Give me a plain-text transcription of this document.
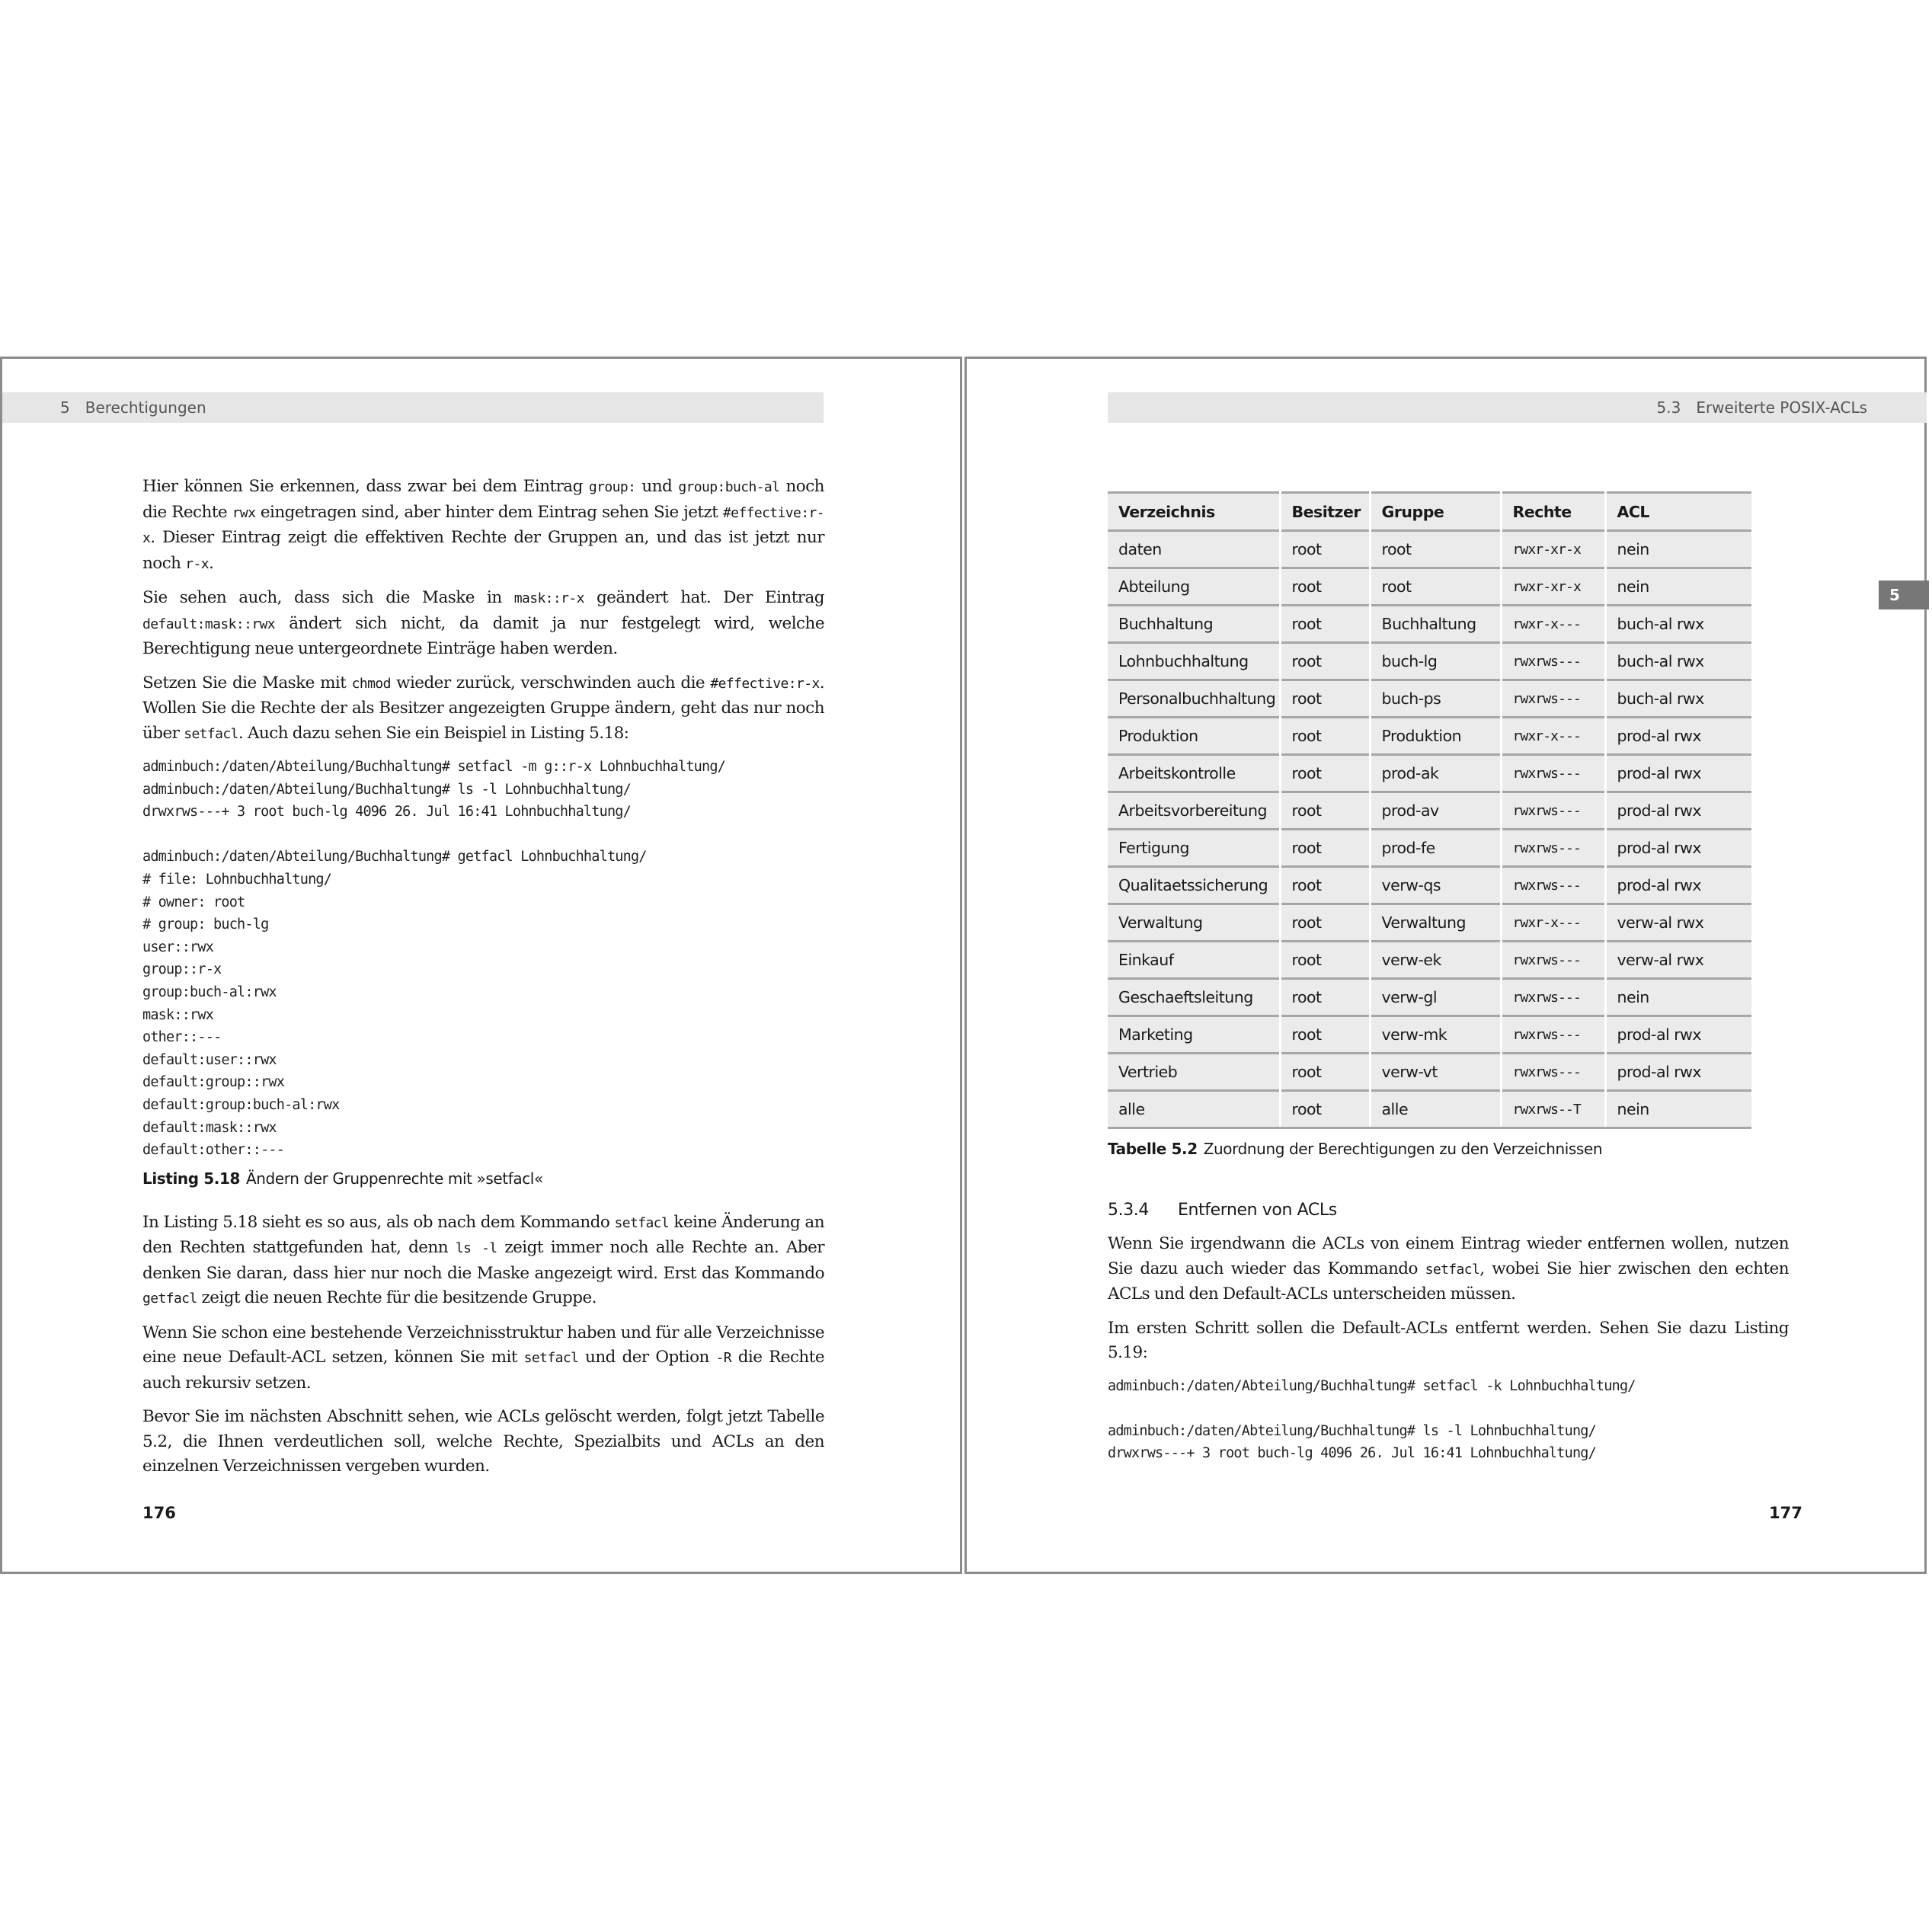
5 Berechtigungen

Hier können Sie erkennen, dass zwar bei dem Eintrag group: und group:buch-al noch die Rechte rwx eingetragen sind, aber hinter dem Eintrag sehen Sie jetzt #effective:r-x. Dieser Eintrag zeigt die effektiven Rechte der Gruppen an, und das ist jetzt nur noch r-x.

Sie sehen auch, dass sich die Maske in mask::r-x geändert hat. Der Eintrag default:mask::rwx ändert sich nicht, da damit ja nur festgelegt wird, welche Berechtigung neue untergeordnete Einträge haben werden.

Setzen Sie die Maske mit chmod wieder zurück, verschwinden auch die #effective:r-x. Wollen Sie die Rechte der als Besitzer angezeigten Gruppe ändern, geht das nur noch über setfacl. Auch dazu sehen Sie ein Beispiel in Listing 5.18:

adminbuch:/daten/Abteilung/Buchhaltung# setfacl -m g::r-x Lohnbuchhaltung/
adminbuch:/daten/Abteilung/Buchhaltung# ls -l Lohnbuchhaltung/
drwxrws---+ 3 root buch-lg 4096 26. Jul 16:41 Lohnbuchhaltung/

adminbuch:/daten/Abteilung/Buchhaltung# getfacl Lohnbuchhaltung/
# file: Lohnbuchhaltung/
# owner: root
# group: buch-lg
user::rwx
group::r-x
group:buch-al:rwx
mask::rwx
other::---
default:user::rwx
default:group::rwx
default:group:buch-al:rwx
default:mask::rwx
default:other::---
Listing 5.18 Ändern der Gruppenrechte mit »setfacl«

In Listing 5.18 sieht es so aus, als ob nach dem Kommando setfacl keine Änderung an den Rechten stattgefunden hat, denn ls -l zeigt immer noch alle Rechte an. Aber denken Sie daran, dass hier nur noch die Maske angezeigt wird. Erst das Kommando getfacl zeigt die neuen Rechte für die besitzende Gruppe.

Wenn Sie schon eine bestehende Verzeichnisstruktur haben und für alle Verzeichnisse eine neue Default-ACL setzen, können Sie mit setfacl und der Option -R die Rechte auch rekursiv setzen.

Bevor Sie im nächsten Abschnitt sehen, wie ACLs gelöscht werden, folgt jetzt Tabelle 5.2, die Ihnen verdeutlichen soll, welche Rechte, Spezialbits und ACLs an den einzelnen Verzeichnissen vergeben wurden.

176
5.3 Erweiterte POSIX-ACLs
5
Verzeichnis	Besitzer	Gruppe	Rechte	ACL
daten	root	root	rwxr-xr-x	nein
Abteilung	root	root	rwxr-xr-x	nein
Buchhaltung	root	Buchhaltung	rwxr-x---	buch-al rwx
Lohnbuchhaltung	root	buch-lg	rwxrws---	buch-al rwx
Personalbuchhaltung	root	buch-ps	rwxrws---	buch-al rwx
Produktion	root	Produktion	rwxr-x---	prod-al rwx
Arbeitskontrolle	root	prod-ak	rwxrws---	prod-al rwx
Arbeitsvorbereitung	root	prod-av	rwxrws---	prod-al rwx
Fertigung	root	prod-fe	rwxrws---	prod-al rwx
Qualitaetssicherung	root	verw-qs	rwxrws---	prod-al rwx
Verwaltung	root	Verwaltung	rwxr-x---	verw-al rwx
Einkauf	root	verw-ek	rwxrws---	verw-al rwx
Geschaeftsleitung	root	verw-gl	rwxrws---	nein
Marketing	root	verw-mk	rwxrws---	prod-al rwx
Vertrieb	root	verw-vt	rwxrws---	prod-al rwx
alle	root	alle	rwxrws--T	nein
Tabelle 5.2 Zuordnung der Berechtigungen zu den Verzeichnissen
5.3.4 Entfernen von ACLs

Wenn Sie irgendwann die ACLs von einem Eintrag wieder entfernen wollen, nutzen Sie dazu auch wieder das Kommando setfacl, wobei Sie hier zwischen den echten ACLs und den Default-ACLs unterscheiden müssen.

Im ersten Schritt sollen die Default-ACLs entfernt werden. Sehen Sie dazu Listing 5.19:

adminbuch:/daten/Abteilung/Buchhaltung# setfacl -k Lohnbuchhaltung/

adminbuch:/daten/Abteilung/Buchhaltung# ls -l Lohnbuchhaltung/
drwxrws---+ 3 root buch-lg 4096 26. Jul 16:41 Lohnbuchhaltung/
177
